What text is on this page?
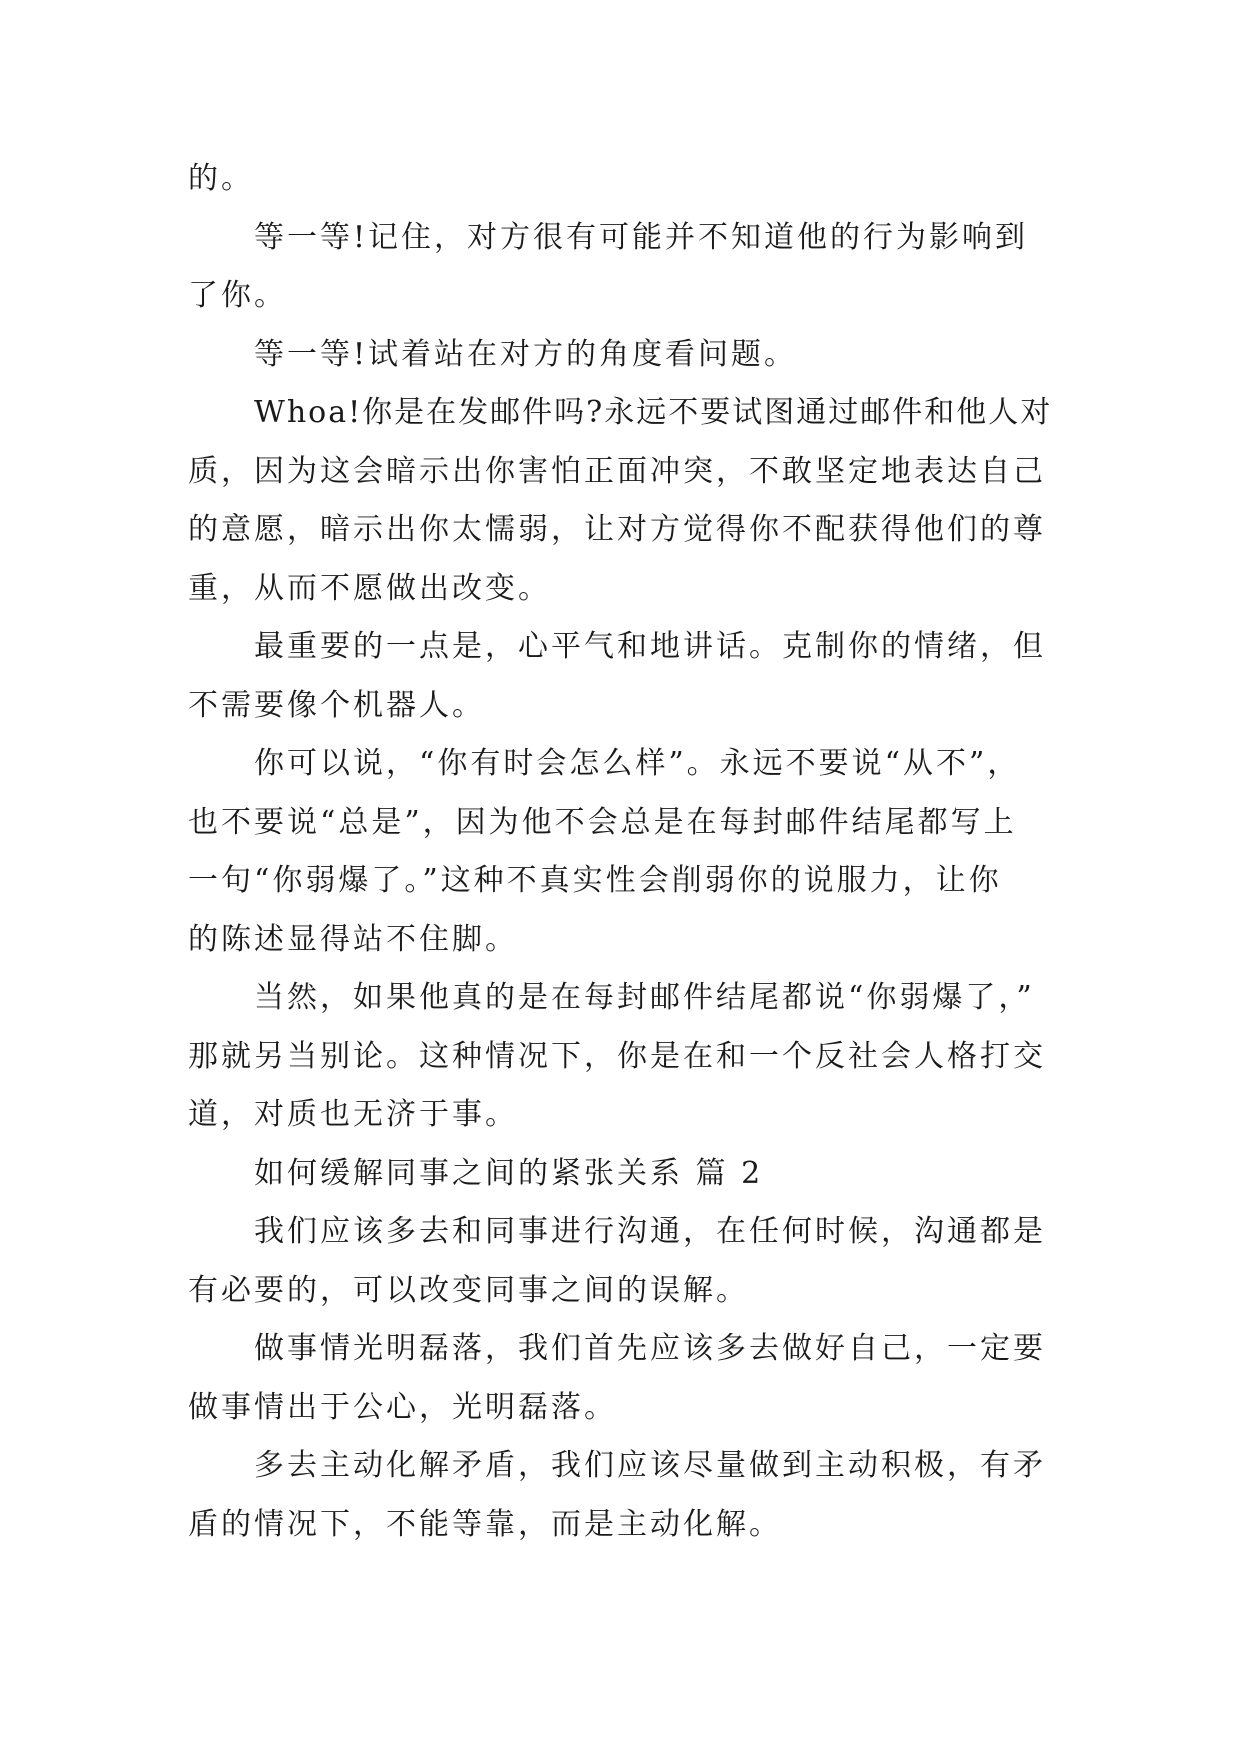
的。
等一等!记住，对方很有可能并不知道他的行为影响到
了你。
等一等!试着站在对方的角度看问题。
Whoa!你是在发邮件吗?永远不要试图通过邮件和他人对
质，因为这会暗示出你害怕正面冲突，不敢坚定地表达自己
的意愿，暗示出你太懦弱，让对方觉得你不配获得他们的尊
重，从而不愿做出改变。
最重要的一点是，心平气和地讲话。克制你的情绪，但
不需要像个机器人。
你可以说，“你有时会怎么样”。永远不要说“从不”，
也不要说“总是”，因为他不会总是在每封邮件结尾都写上
一句“你弱爆了。”这种不真实性会削弱你的说服力，让你
的陈述显得站不住脚。
当然，如果他真的是在每封邮件结尾都说“你弱爆了，”
那就另当别论。这种情况下，你是在和一个反社会人格打交
道，对质也无济于事。
如何缓解同事之间的紧张关系 篇 2
我们应该多去和同事进行沟通，在任何时候，沟通都是
有必要的，可以改变同事之间的误解。
做事情光明磊落，我们首先应该多去做好自己，一定要
做事情出于公心，光明磊落。
多去主动化解矛盾，我们应该尽量做到主动积极，有矛
盾的情况下，不能等靠，而是主动化解。
